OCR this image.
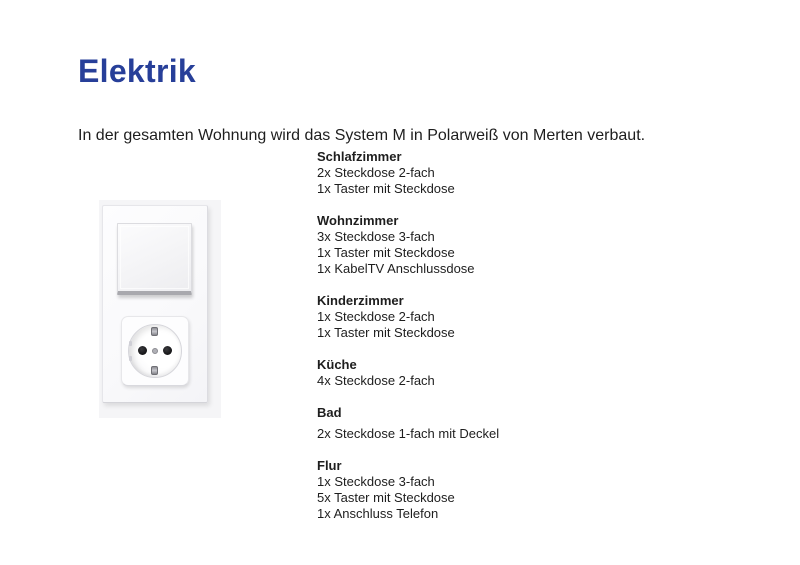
Elektrik

In der gesamten Wohnung wird das System M in Polarweiß von Merten verbaut.

Schlafzimmer
2x Steckdose 2-fach
1x Taster mit Steckdose
Wohnzimmer
3x Steckdose 3-fach
1x Taster mit Steckdose
1x KabelTV Anschlussdose
Kinderzimmer
1x Steckdose 2-fach
1x Taster mit Steckdose
Küche
4x Steckdose 2-fach
Bad
2x Steckdose 1-fach mit Deckel
Flur
1x Steckdose 3-fach
5x Taster mit Steckdose
1x Anschluss Telefon
